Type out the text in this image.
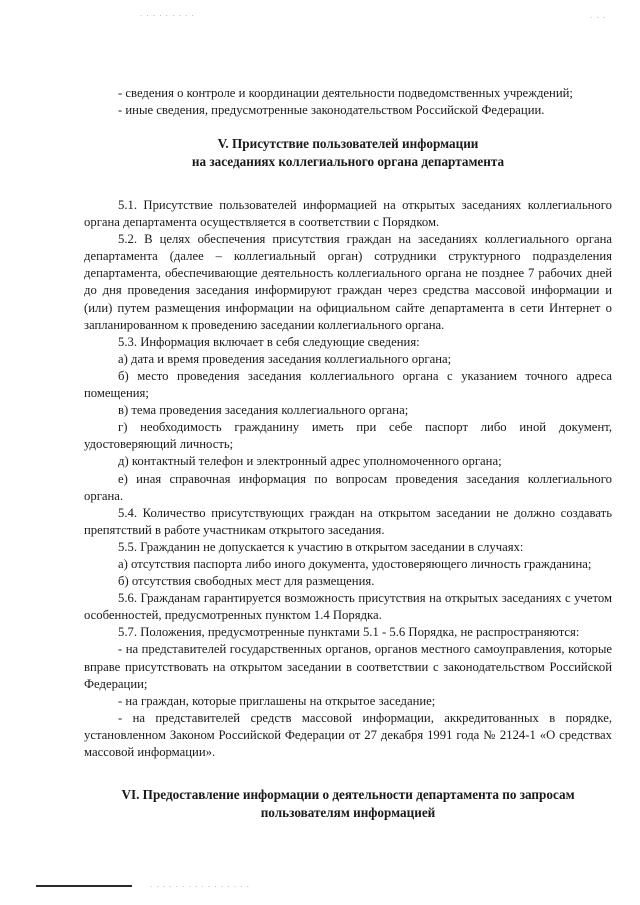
· · · · · · · · · · · · · · · ·
· · · · · · · · ·	· · ·

- сведения о контроле и координации деятельности подведомственных учреждений;

- иные сведения, предусмотренные законодательством Российской Федерации.

V. Присутствие пользователей информации
на заседаниях коллегиального органа департамента

5.1. Присутствие пользователей информацией на открытых заседаниях коллегиального органа департамента осуществляется в соответствии с Порядком.

5.2. В целях обеспечения присутствия граждан на заседаниях коллегиального органа департамента (далее – коллегиальный орган) сотрудники структурного подразделения департамента, обеспечивающие деятельность коллегиального органа не позднее 7 рабочих дней до дня проведения заседания информируют граждан через средства массовой информации и (или) путем размещения информации на официальном сайте департамента в сети Интернет о запланированном к проведению заседании коллегиального органа.

5.3. Информация включает в себя следующие сведения:

а) дата и время проведения заседания коллегиального органа;

б) место проведения заседания коллегиального органа с указанием точного адреса помещения;

в) тема проведения заседания коллегиального органа;

г) необходимость гражданину иметь при себе паспорт либо иной документ, удостоверяющий личность;

д) контактный телефон и электронный адрес уполномоченного органа;

е) иная справочная информация по вопросам проведения заседания коллегиального органа.

5.4. Количество присутствующих граждан на открытом заседании не должно создавать препятствий в работе участникам открытого заседания.

5.5. Гражданин не допускается к участию в открытом заседании в случаях:

а) отсутствия паспорта либо иного документа, удостоверяющего личность гражданина;

б) отсутствия свободных мест для размещения.

5.6. Гражданам гарантируется возможность присутствия на открытых заседаниях с учетом особенностей, предусмотренных пунктом 1.4 Порядка.

5.7. Положения, предусмотренные пунктами 5.1 - 5.6 Порядка, не распространяются:

- на представителей государственных органов, органов местного самоуправления, которые вправе присутствовать на открытом заседании в соответствии с законодательством Российской Федерации;

- на граждан, которые приглашены на открытое заседание;

- на представителей средств массовой информации, аккредитованных в порядке, установленном Законом Российской Федерации от 27 декабря 1991 года № 2124-1 «О средствах массовой информации».

VI. Предоставление информации о деятельности департамента по запросам
пользователям информацией
